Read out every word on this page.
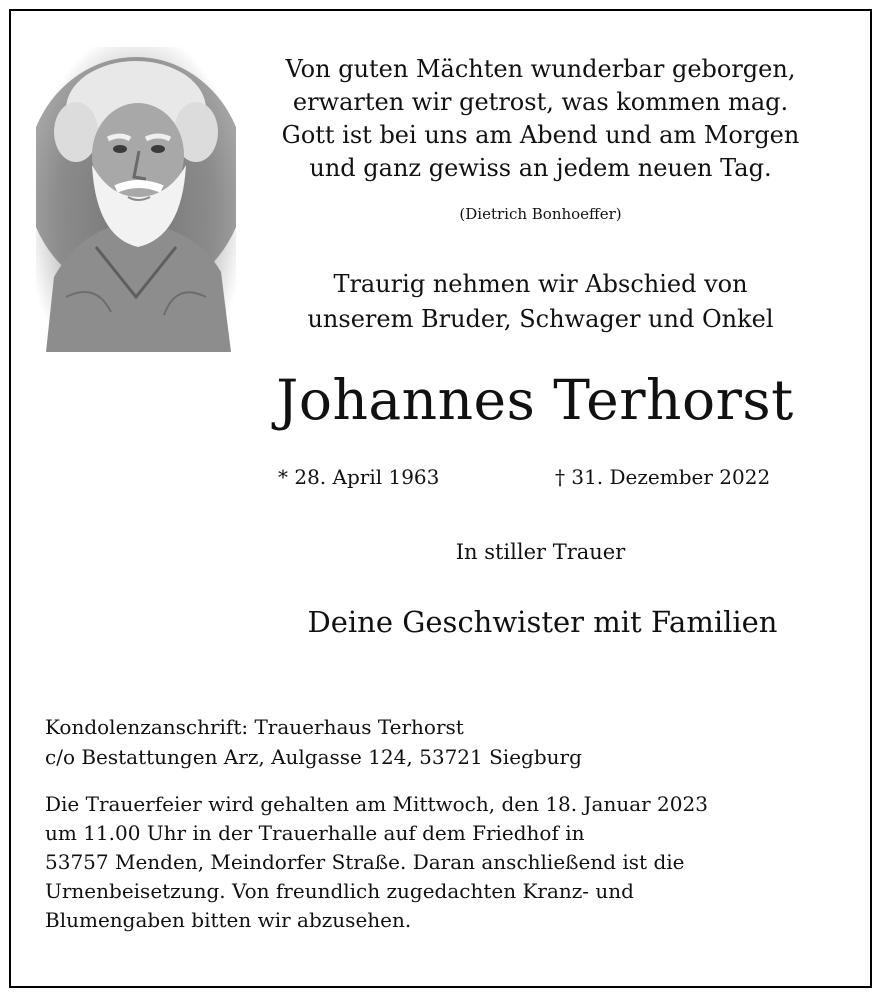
Von guten Mächten wunderbar geborgen,
erwarten wir getrost, was kommen mag.
Gott ist bei uns am Abend und am Morgen
und ganz gewiss an jedem neuen Tag.
(Dietrich Bonhoeffer)
Traurig nehmen wir Abschied von
unserem Bruder, Schwager und Onkel
Johannes Terhorst
* 28. April 1963	† 31. Dezember 2022
In stiller Trauer
Deine Geschwister mit Familien
Kondolenzanschrift: Trauerhaus Terhorst
c/o Bestattungen Arz, Aulgasse 124, 53721 Siegburg
Die Trauerfeier wird gehalten am Mittwoch, den 18. Januar 2023
um 11.00 Uhr in der Trauerhalle auf dem Friedhof in
53757 Menden, Meindorfer Straße. Daran anschließend ist die
Urnenbeisetzung. Von freundlich zugedachten Kranz- und
Blumengaben bitten wir abzusehen.
